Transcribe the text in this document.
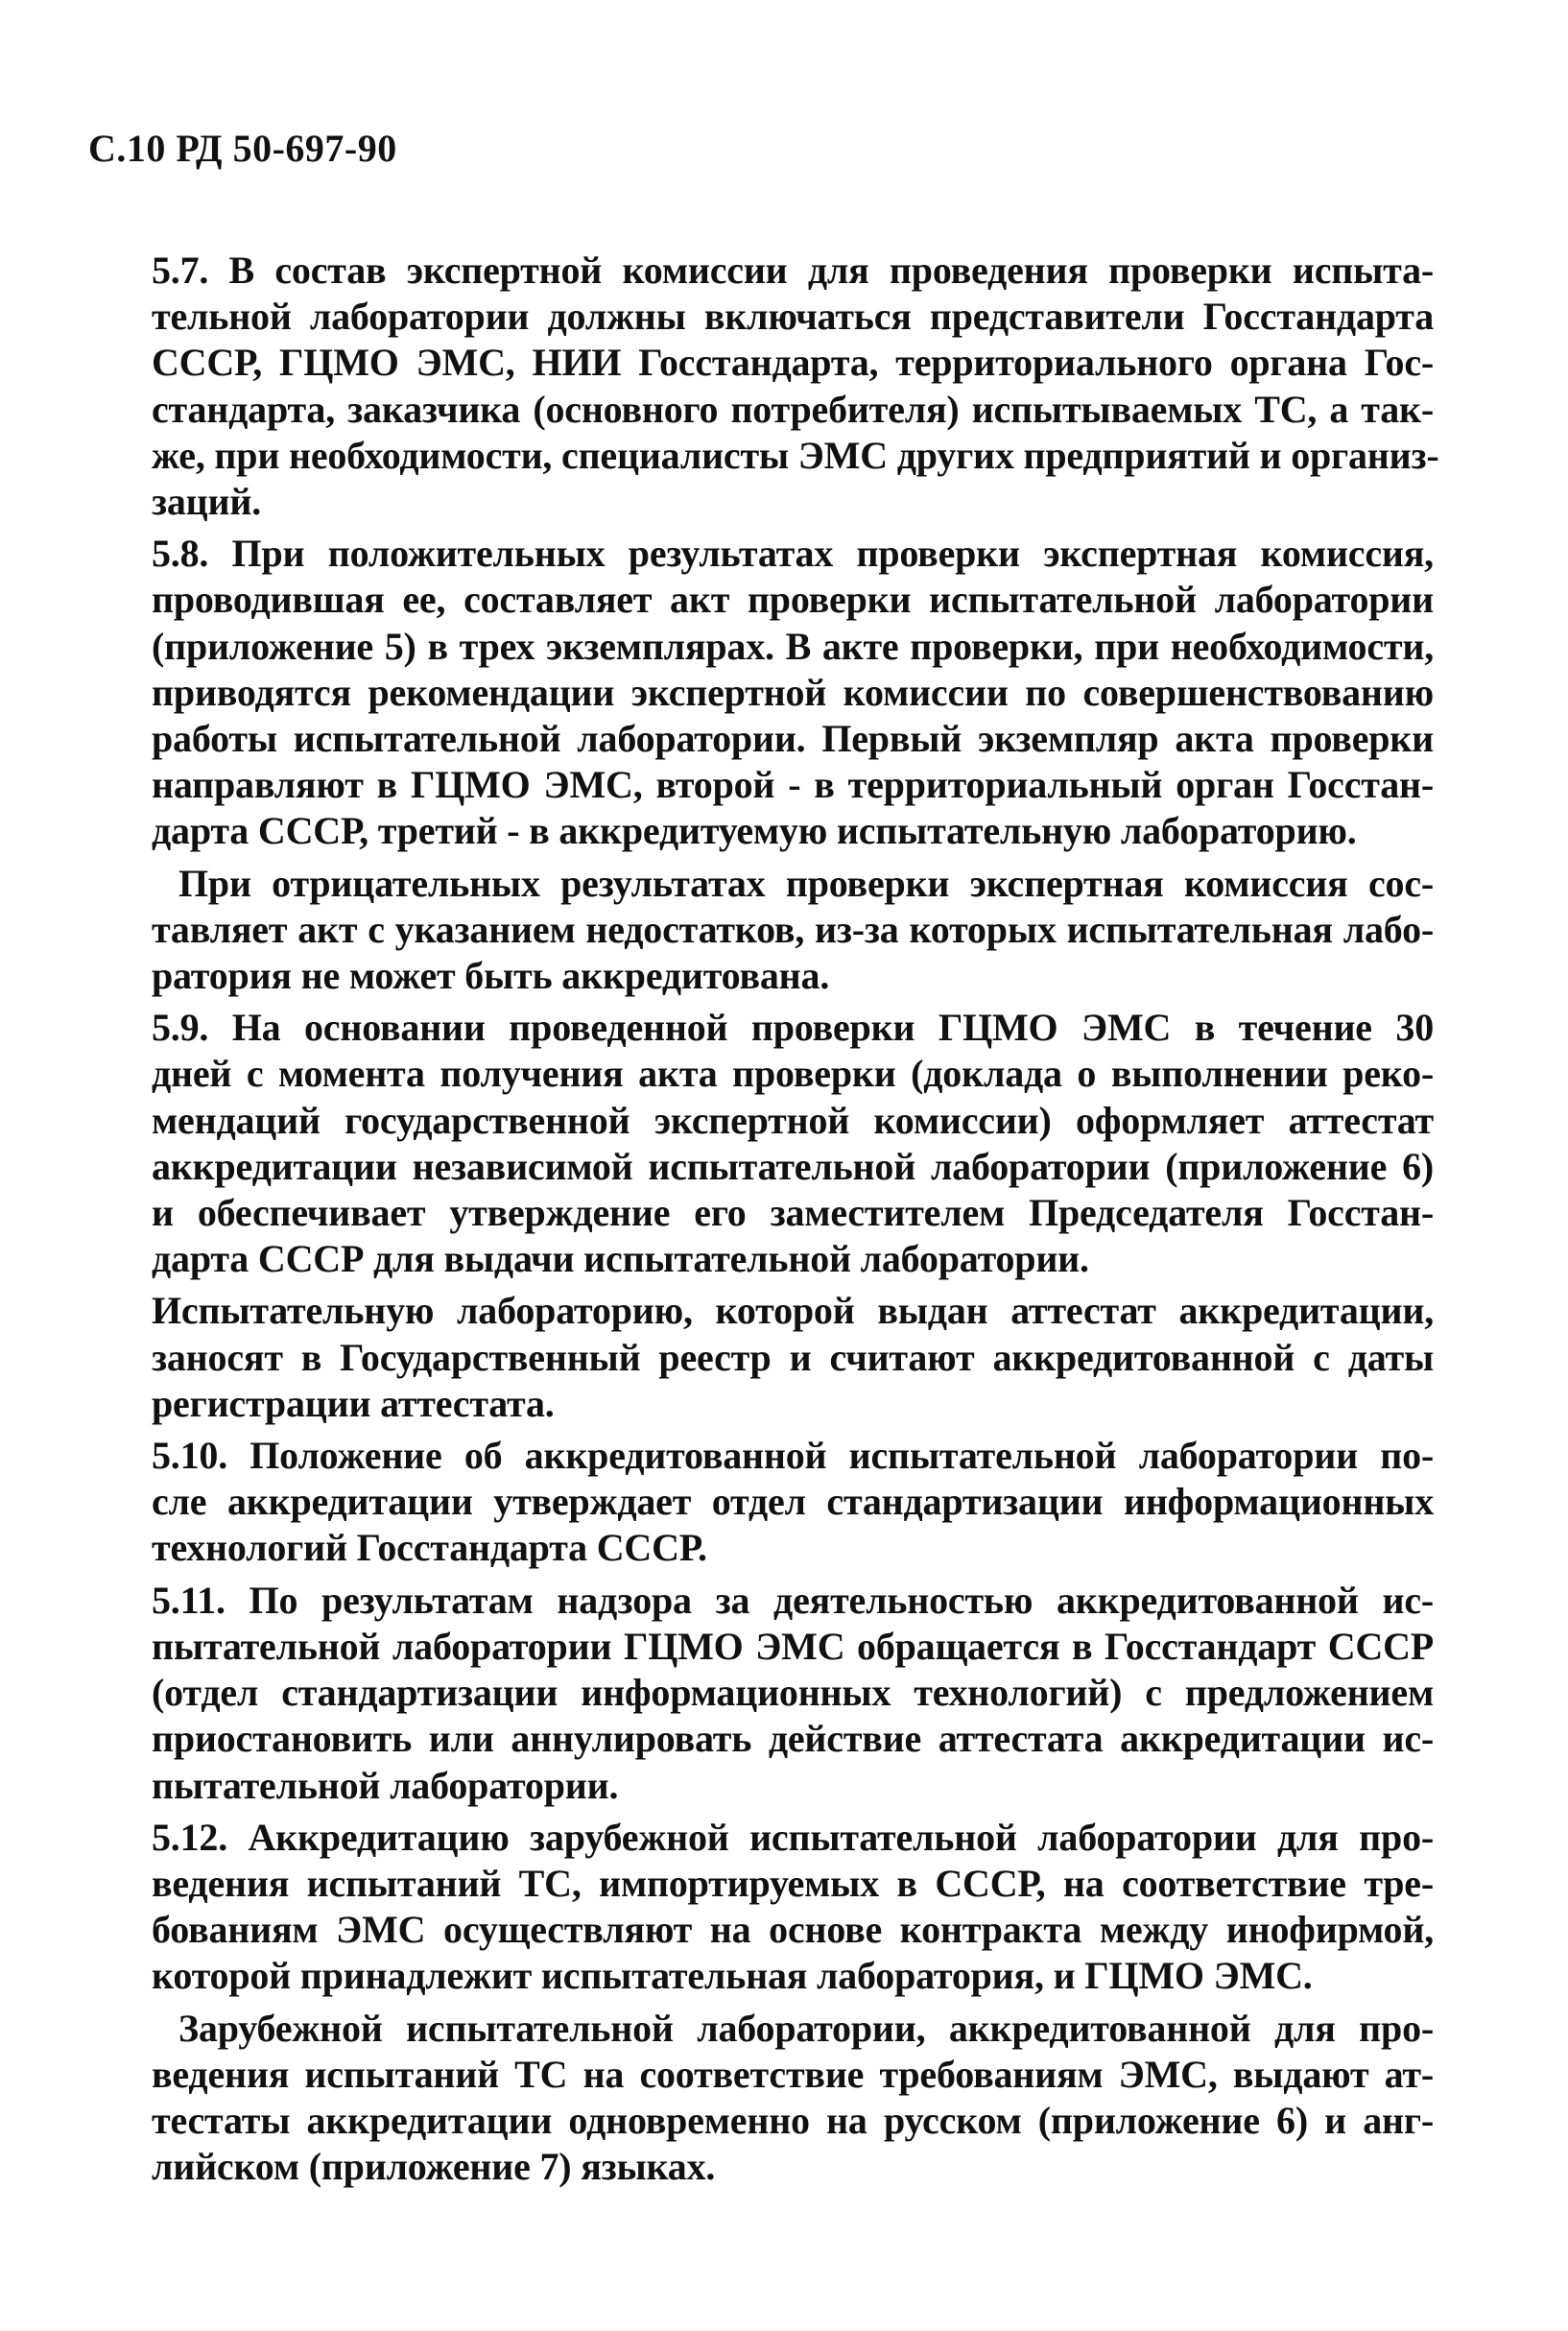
С.10 РД 50-697-90
5.7. В состав экспертной комиссии для проведения проверки испыта-
тельной лаборатории должны включаться представители Госстандарта
СССР, ГЦМО ЭМС, НИИ Госстандарта, территориального органа Гос-
стандарта, заказчика (основного потребителя) испытываемых ТС, а так-
же, при необходимости, специалисты ЭМС других предприятий и организ-
заций.
5.8. При положительных результатах проверки экспертная комиссия,
проводившая ее, составляет акт проверки испытательной лаборатории
(приложение 5) в трех экземплярах. В акте проверки, при необходимости,
приводятся рекомендации экспертной комиссии по совершенствованию
работы испытательной лаборатории. Первый экземпляр акта проверки
направляют в ГЦМО ЭМС, второй - в территориальный орган Госстан-
дарта СССР, третий - в аккредитуемую испытательную лабораторию.
При отрицательных результатах проверки экспертная комиссия сос-
тавляет акт с указанием недостатков, из-за которых испытательная лабо-
ратория не может быть аккредитована.
5.9. На основании проведенной проверки ГЦМО ЭМС в течение 30
дней с момента получения акта проверки (доклада о выполнении реко-
мендаций государственной экспертной комиссии) оформляет аттестат
аккредитации независимой испытательной лаборатории (приложение 6)
и обеспечивает утверждение его заместителем Председателя Госстан-
дарта СССР для выдачи испытательной лаборатории.
Испытательную лабораторию, которой выдан аттестат аккредитации,
заносят в Государственный реестр и считают аккредитованной с даты
регистрации аттестата.
5.10. Положение об аккредитованной испытательной лаборатории по-
сле аккредитации утверждает отдел стандартизации информационных
технологий Госстандарта СССР.
5.11. По результатам надзора за деятельностью аккредитованной ис-
пытательной лаборатории ГЦМО ЭМС обращается в Госстандарт СССР
(отдел стандартизации информационных технологий) с предложением
приостановить или аннулировать действие аттестата аккредитации ис-
пытательной лаборатории.
5.12. Аккредитацию зарубежной испытательной лаборатории для про-
ведения испытаний ТС, импортируемых в СССР, на соответствие тре-
бованиям ЭМС осуществляют на основе контракта между инофирмой,
которой принадлежит испытательная лаборатория, и ГЦМО ЭМС.
Зарубежной испытательной лаборатории, аккредитованной для про-
ведения испытаний ТС на соответствие требованиям ЭМС, выдают ат-
тестаты аккредитации одновременно на русском (приложение 6) и анг-
лийском (приложение 7) языках.
